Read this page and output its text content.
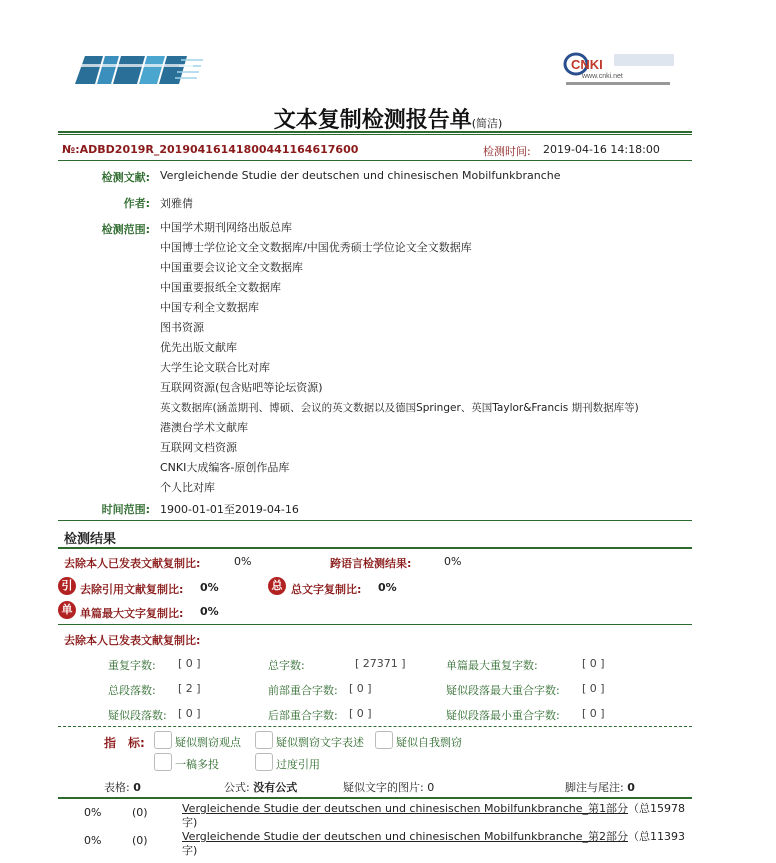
CNKI
www.cnki.net
文本复制检测报告单(简洁)
№:ADBD2019R_20190416141800441164617600	检测时间: 2019-04-16 14:18:00
检测文献: Vergleichende Studie der deutschen und chinesischen Mobilfunkbranche
作者: 刘雅倩
检测范围: 中国学术期刊网络出版总库
中国博士学位论文全文数据库/中国优秀硕士学位论文全文数据库
中国重要会议论文全文数据库
中国重要报纸全文数据库
中国专利全文数据库
图书资源
优先出版文献库
大学生论文联合比对库
互联网资源(包含贴吧等论坛资源)
英文数据库(涵盖期刊、博硕、会议的英文数据以及德国Springer、英国Taylor&Francis 期刊数据库等)
港澳台学术文献库
互联网文档资源
CNKI大成编客-原创作品库
个人比对库
时间范围: 1900-01-01至2019-04-16
检测结果
去除本人已发表文献复制比:	0%	跨语言检测结果:	0%
引 去除引用文献复制比: 0%	总 总文字复制比: 0%
单 单篇最大文字复制比: 0%
去除本人已发表文献复制比:
重复字数: [ 0 ]	总字数:	[ 27371 ]	单篇最大重复字数:	[ 0 ]
总段落数: [ 2 ]	前部重合字数: [ 0 ]	疑似段落最大重合字数: [ 0 ]
疑似段落数: [ 0 ]	后部重合字数: [ 0 ]	疑似段落最小重合字数: [ 0 ]
指　标:	疑似剽窃观点	疑似剽窃文字表述	疑似自我剽窃
一稿多投	过度引用
表格: 0	公式: 没有公式	疑似文字的图片: 0	脚注与尾注: 0
0%	(0)	Vergleichende Studie der deutschen und chinesischen Mobilfunkbranche_第1部分 （总15978
字)
0%	(0)	Vergleichende Studie der deutschen und chinesischen Mobilfunkbranche_第2部分 （总11393
字)
